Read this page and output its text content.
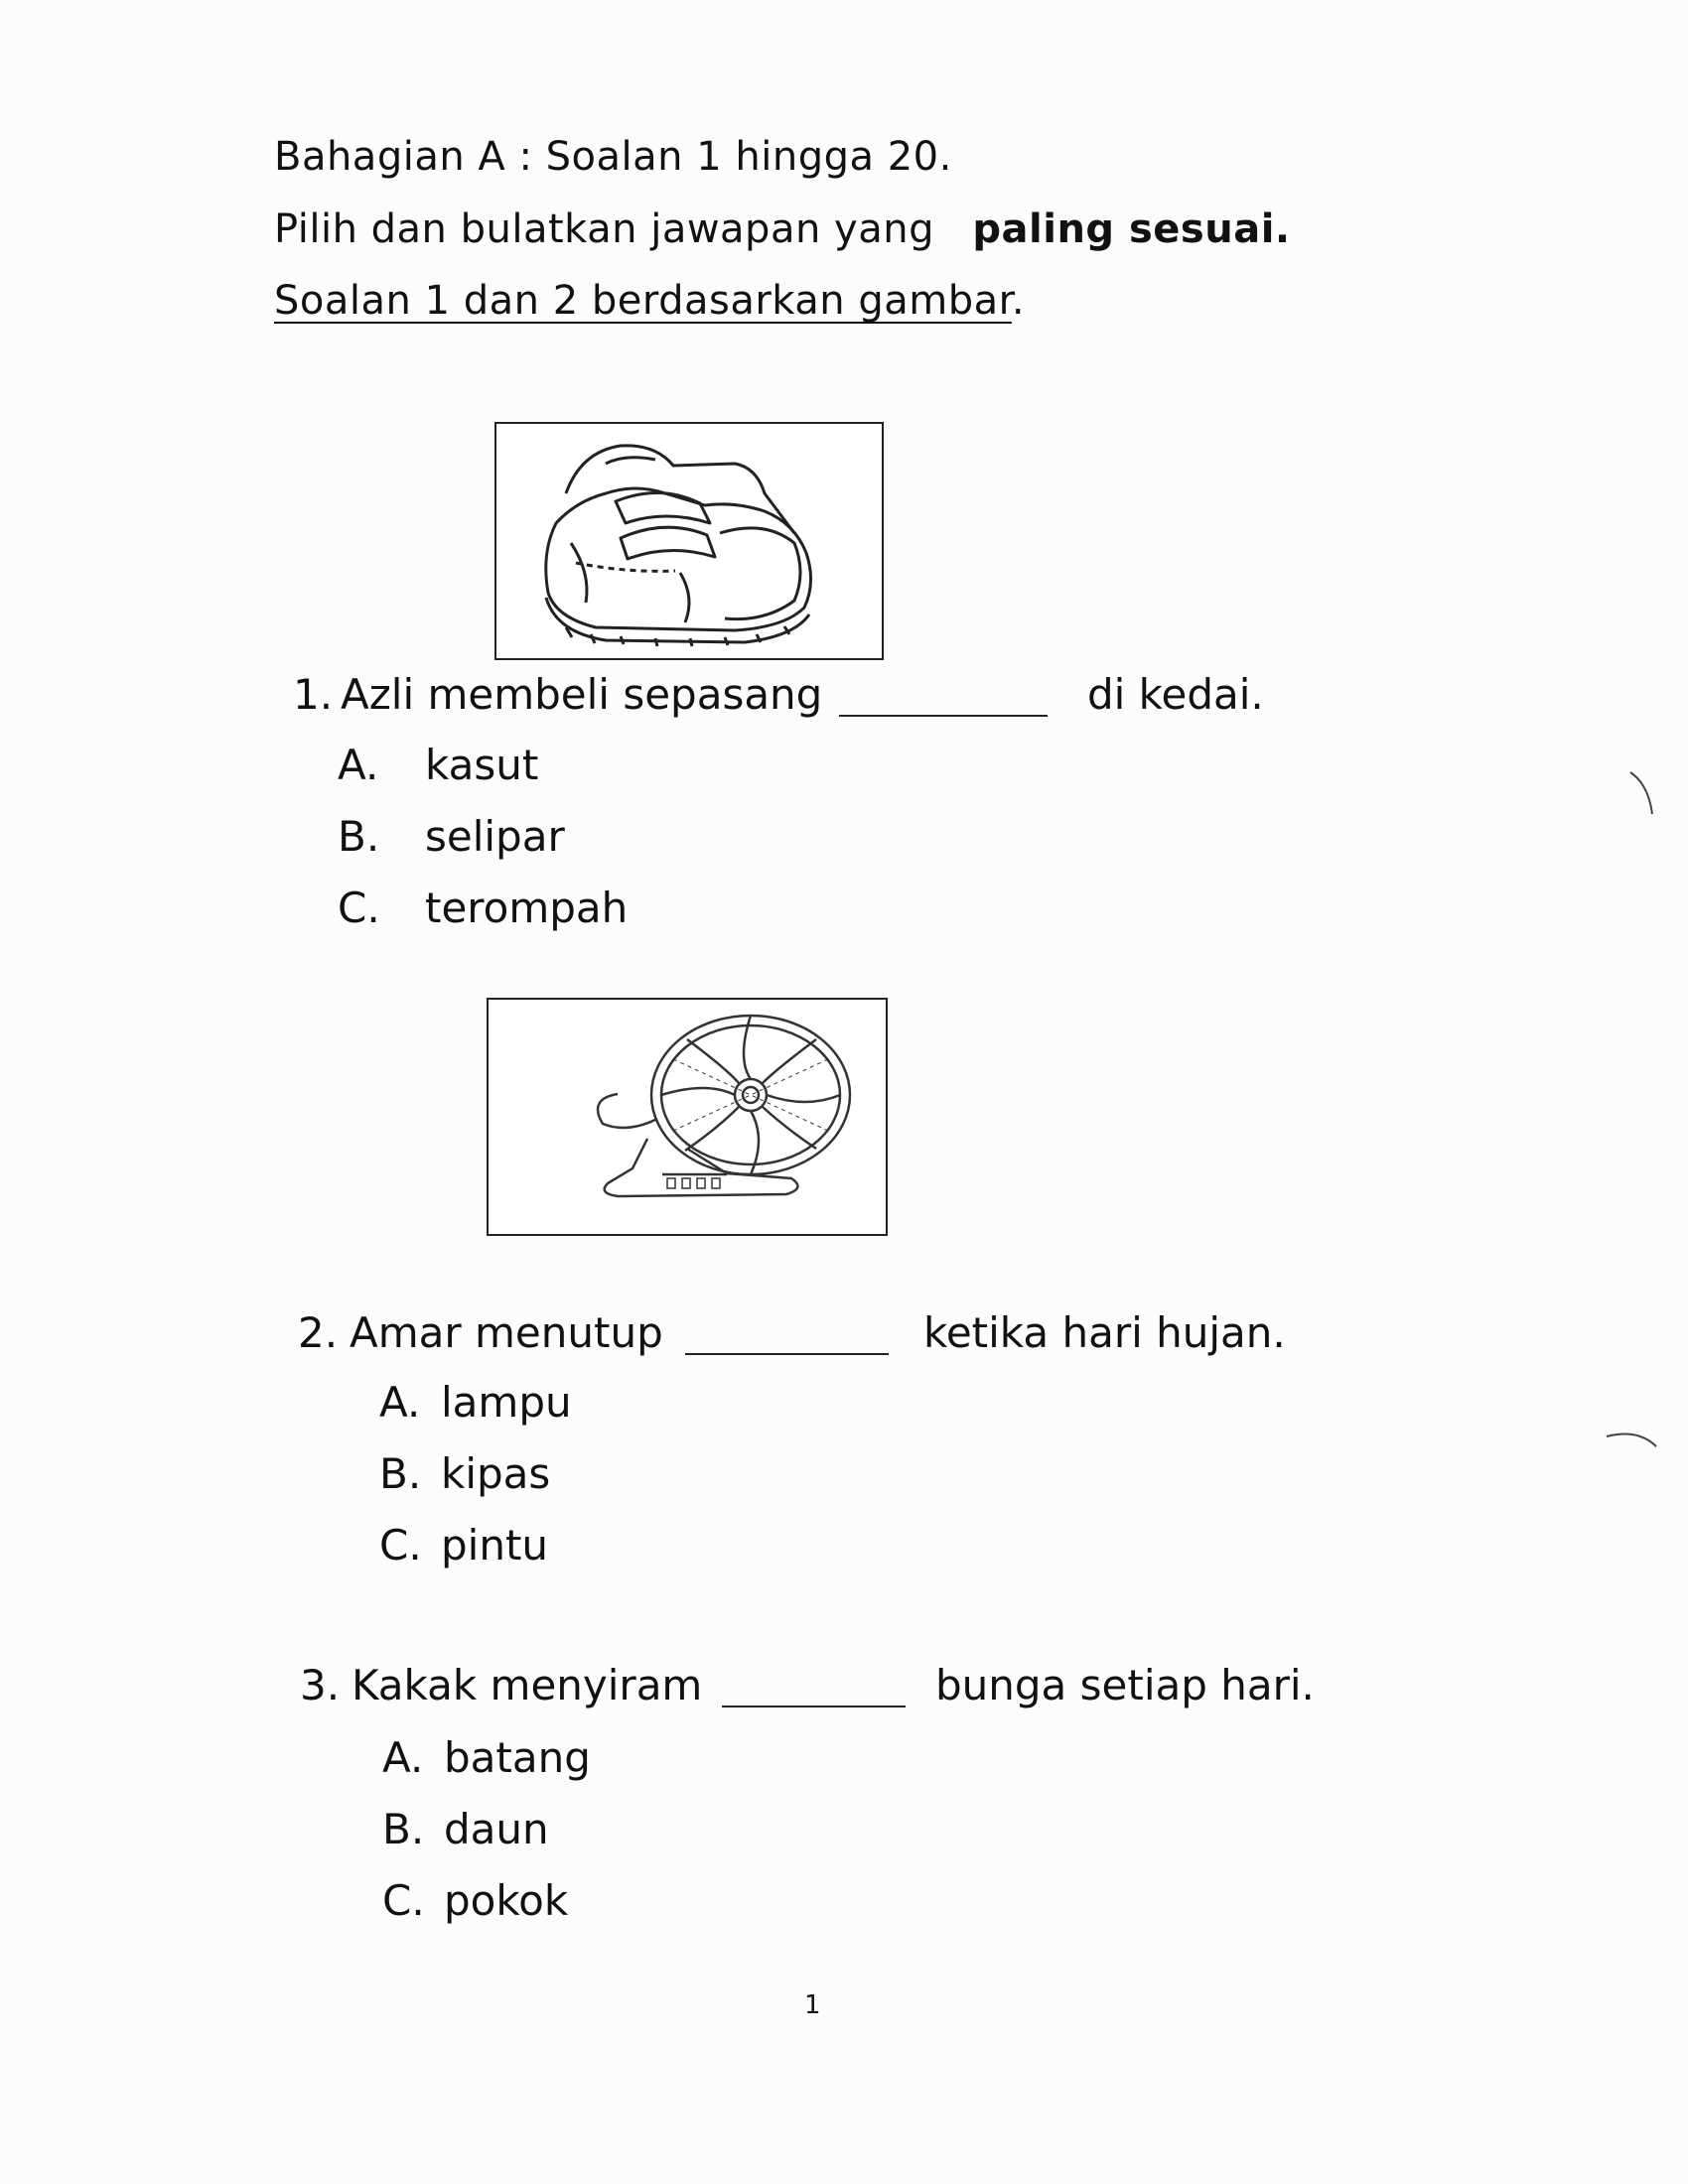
Bahagian A : Soalan 1 hingga 20.
Pilih dan bulatkan jawapan yang paling sesuai.
Soalan 1 dan 2 berdasarkan gambar.
1. Azli membeli sepasang	di kedai.
A. kasut
B. selipar
C. terompah
2. Amar menutup	ketika hari hujan.
A. lampu
B. kipas
C. pintu
3. Kakak menyiram	bunga setiap hari.
A. batang
B. daun
C. pokok
1
